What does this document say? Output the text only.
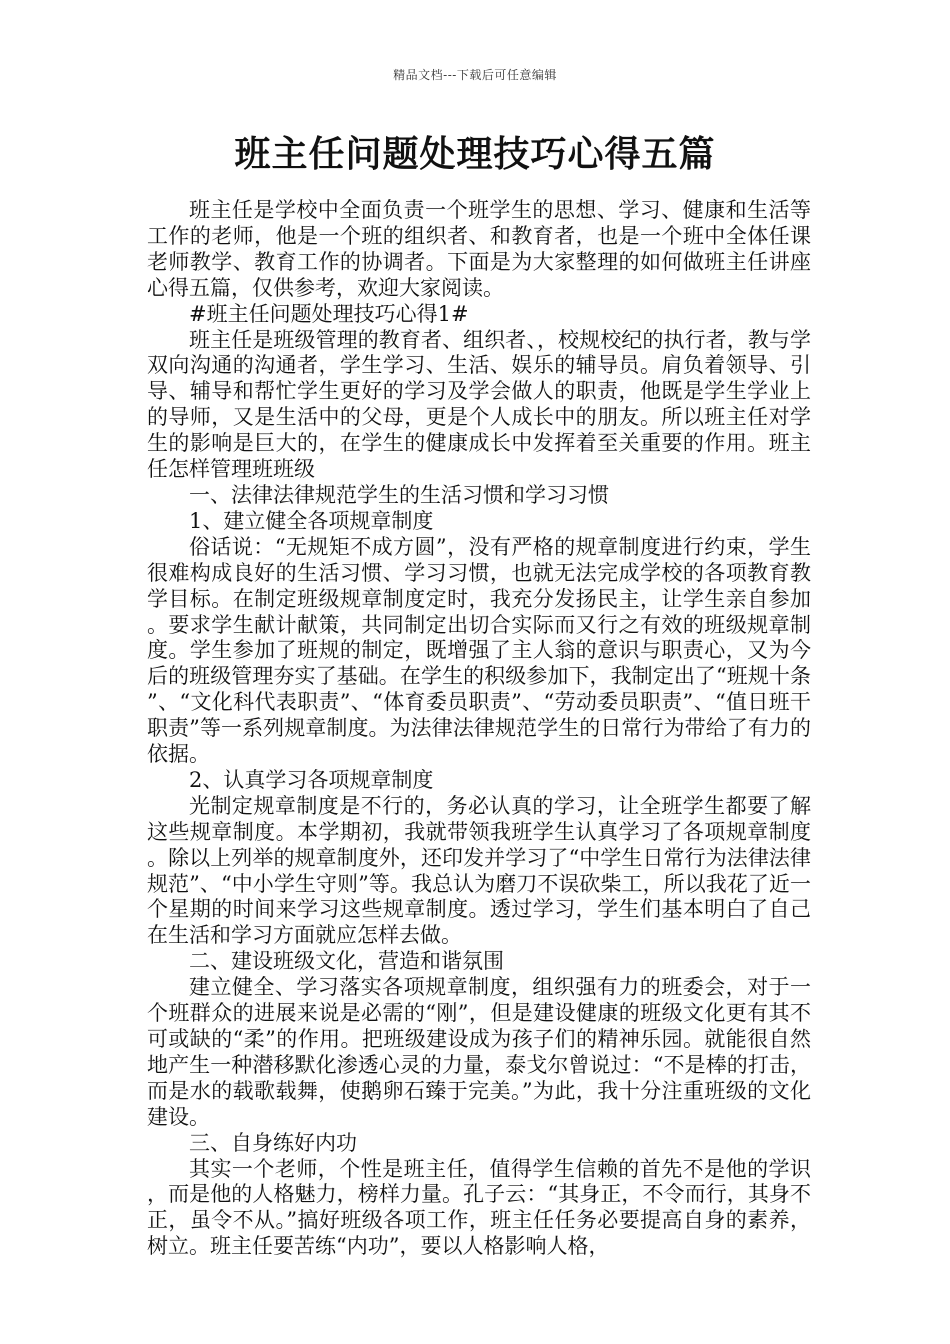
精品文档---下载后可任意编辑
班主任问题处理技巧心得五篇

班主任是学校中全面负责一个班学生的思想、学习、健康和生活等工作的老师，他是一个班的组织者、和教育者，也是一个班中全体任课老师教学、教育工作的协调者。下面是为大家整理的如何做班主任讲座心得五篇，仅供参考，欢迎大家阅读。

#班主任问题处理技巧心得1#

班主任是班级管理的教育者、组织者、，校规校纪的执行者，教与学双向沟通的沟通者，学生学习、生活、娱乐的辅导员。肩负着领导、引导、辅导和帮忙学生更好的学习及学会做人的职责，他既是学生学业上的导师，又是生活中的父母，更是个人成长中的朋友。所以班主任对学生的影响是巨大的，在学生的健康成长中发挥着至关重要的作用。班主任怎样管理班班级

一、法律法律规范学生的生活习惯和学习习惯

1、建立健全各项规章制度

俗话说：“无规矩不成方圆”，没有严格的规章制度进行约束，学生很难构成良好的生活习惯、学习习惯，也就无法完成学校的各项教育教学目标。在制定班级规章制度定时，我充分发扬民主，让学生亲自参加。要求学生献计献策，共同制定出切合实际而又行之有效的班级规章制度。学生参加了班规的制定，既增强了主人翁的意识与职责心，又为今后的班级管理夯实了基础。在学生的积级参加下，我制定出了“班规十条”、“文化科代表职责”、“体育委员职责”、“劳动委员职责”、“值日班干职责”等一系列规章制度。为法律法律规范学生的日常行为带给了有力的依据。

2、认真学习各项规章制度

光制定规章制度是不行的，务必认真的学习，让全班学生都要了解这些规章制度。本学期初，我就带领我班学生认真学习了各项规章制度。除以上列举的规章制度外，还印发并学习了“中学生日常行为法律法律规范”、“中小学生守则”等。我总认为磨刀不误砍柴工，所以我花了近一个星期的时间来学习这些规章制度。透过学习，学生们基本明白了自己在生活和学习方面就应怎样去做。

二、建设班级文化，营造和谐氛围

建立健全、学习落实各项规章制度，组织强有力的班委会，对于一个班群众的进展来说是必需的“刚”，但是建设健康的班级文化更有其不可或缺的“柔”的作用。把班级建设成为孩子们的精神乐园。就能很自然地产生一种潜移默化渗透心灵的力量，泰戈尔曾说过：“不是棒的打击，而是水的载歌载舞，使鹅卵石臻于完美。”为此，我十分注重班级的文化建设。

三、自身练好内功

其实一个老师，个性是班主任，值得学生信赖的首先不是他的学识，而是他的人格魅力，榜样力量。孔子云：“其身正，不令而行，其身不正，虽令不从。”搞好班级各项工作，班主任任务必要提高自身的素养，树立。班主任要苦练“内功”，要以人格影响人格，
